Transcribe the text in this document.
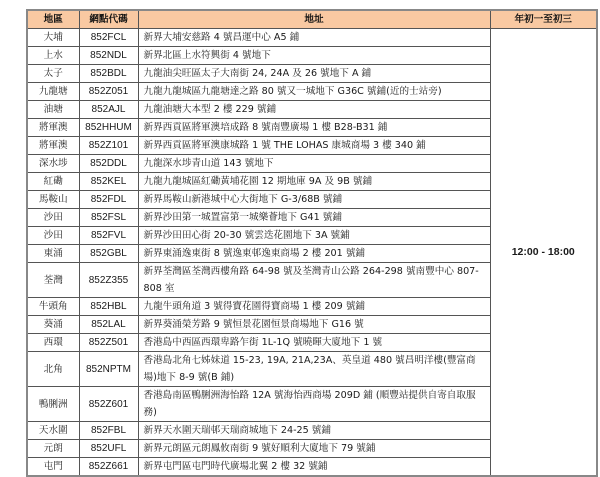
地區	網點代碼	地址	年初一至初三
大埔	852FCL	新界大埔安慈路 4 號昌運中心 A5 鋪	12:00 - 18:00
上水	852NDL	新界北區上水符興街 4 號地下	
太子	852BDL	九龍油尖旺區太子大南街 24, 24A 及 26 號地下 A 鋪	
九龍塘	852Z051	九龍九龍城區九龍塘達之路 80 號又一城地下 G36C 號鋪(近的士站旁)	
油塘	852AJL	九龍油塘大本型 2 樓 229 號鋪	
將軍澳	852HHUM	新界西貢區將軍澳培成路 8 號南豐廣場 1 樓 B28-B31 鋪	
將軍澳	852Z101	新界西貢區將軍澳康城路 1 號 THE LOHAS 康城商場 3 樓 340 鋪	
深水埗	852DDL	九龍深水埗青山道 143 號地下	
紅磡	852KEL	九龍九龍城區紅磡黃埔花園 12 期地庫 9A 及 9B 號鋪	
馬鞍山	852FDL	新界馬鞍山新港城中心大街地下 G-3/68B 號鋪	
沙田	852FSL	新界沙田第一城置富第一城樂薈地下 G41 號鋪	
沙田	852FVL	新界沙田田心街 20-30 號雲迭花園地下 3A 號鋪	
東涌	852GBL	新界東涌逸東街 8 號逸東邨逸東商場 2 樓 201 號鋪	
荃灣	852Z355	新界荃灣區荃灣西樓角路 64-98 號及荃灣青山公路 264-298 號南豐中心 807-808 室	
牛頭角	852HBL	九龍牛頭角道 3 號得寶花園得寶商場 1 樓 209 號鋪	
葵涌	852LAL	新界葵涌榮芳路 9 號恒景花園恒景商場地下 G16 號	
西環	852Z501	香港島中西區西環卑路乍街 1L-1Q 號曉暉大廈地下 1 號	
北角	852NPTM	香港島北角七姊妹道 15-23, 19A, 21A,23A、英皇道 480 號昌明洋樓(豐富商場)地下 8-9 號(B 鋪)	
鴨脷洲	852Z601	香港島南區鴨脷洲海怡路 12A 號海怡西商場 209D 鋪 (順豐站提供自寄自取服務)	
天水圍	852FBL	新界天水圍天瑞邨天瑞商城地下 24-25 號鋪	
元朗	852UFL	新界元朗區元朗鳳攸南街 9 號好順利大廈地下 79 號鋪	
屯門	852Z661	新界屯門區屯門時代廣場北翼 2 樓 32 號鋪	
